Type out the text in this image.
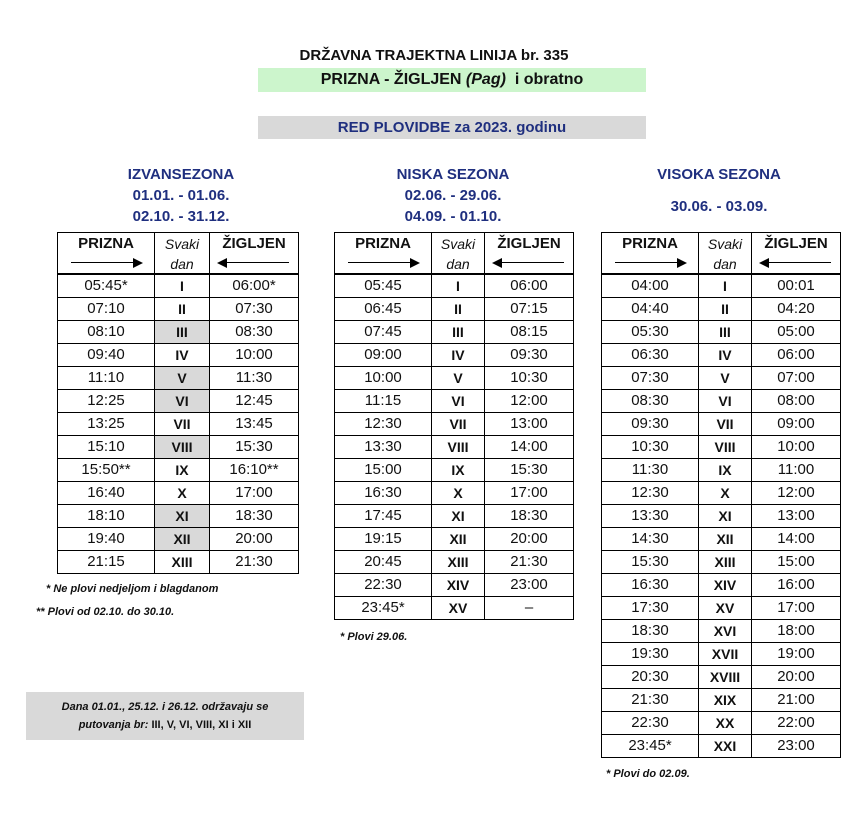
DRŽAVNA TRAJEKTNA LINIJA br. 335
PRIZNA - ŽIGLJEN (Pag)  i obratno
RED PLOVIDBE za 2023. godinu
IZVANSEZONA
01.01. - 01.06.
02.10. - 31.12.
NISKA SEZONA
02.06. - 29.06.
04.09. - 01.10.
VISOKA SEZONA
30.06. - 03.09.
PRIZNA	Svaki	ŽIGLJEN
	dan	
05:45*	I	06:00*
07:10	II	07:30
08:10	III	08:30
09:40	IV	10:00
11:10	V	11:30
12:25	VI	12:45
13:25	VII	13:45
15:10	VIII	15:30
15:50**	IX	16:10**
16:40	X	17:00
18:10	XI	18:30
19:40	XII	20:00
21:15	XIII	21:30
PRIZNA	Svaki	ŽIGLJEN
	dan	
05:45	I	06:00
06:45	II	07:15
07:45	III	08:15
09:00	IV	09:30
10:00	V	10:30
11:15	VI	12:00
12:30	VII	13:00
13:30	VIII	14:00
15:00	IX	15:30
16:30	X	17:00
17:45	XI	18:30
19:15	XII	20:00
20:45	XIII	21:30
22:30	XIV	23:00
23:45*	XV	–
PRIZNA	Svaki	ŽIGLJEN
	dan	
04:00	I	00:01
04:40	II	04:20
05:30	III	05:00
06:30	IV	06:00
07:30	V	07:00
08:30	VI	08:00
09:30	VII	09:00
10:30	VIII	10:00
11:30	IX	11:00
12:30	X	12:00
13:30	XI	13:00
14:30	XII	14:00
15:30	XIII	15:00
16:30	XIV	16:00
17:30	XV	17:00
18:30	XVI	18:00
19:30	XVII	19:00
20:30	XVIII	20:00
21:30	XIX	21:00
22:30	XX	22:00
23:45*	XXI	23:00
* Ne plovi nedjeljom i blagdanom
** Plovi od 02.10. do 30.10.
* Plovi 29.06.
* Plovi do 02.09.
Dana 01.01., 25.12. i 26.12. održavaju se
putovanja br: III, V, VI, VIII, XI i XII
